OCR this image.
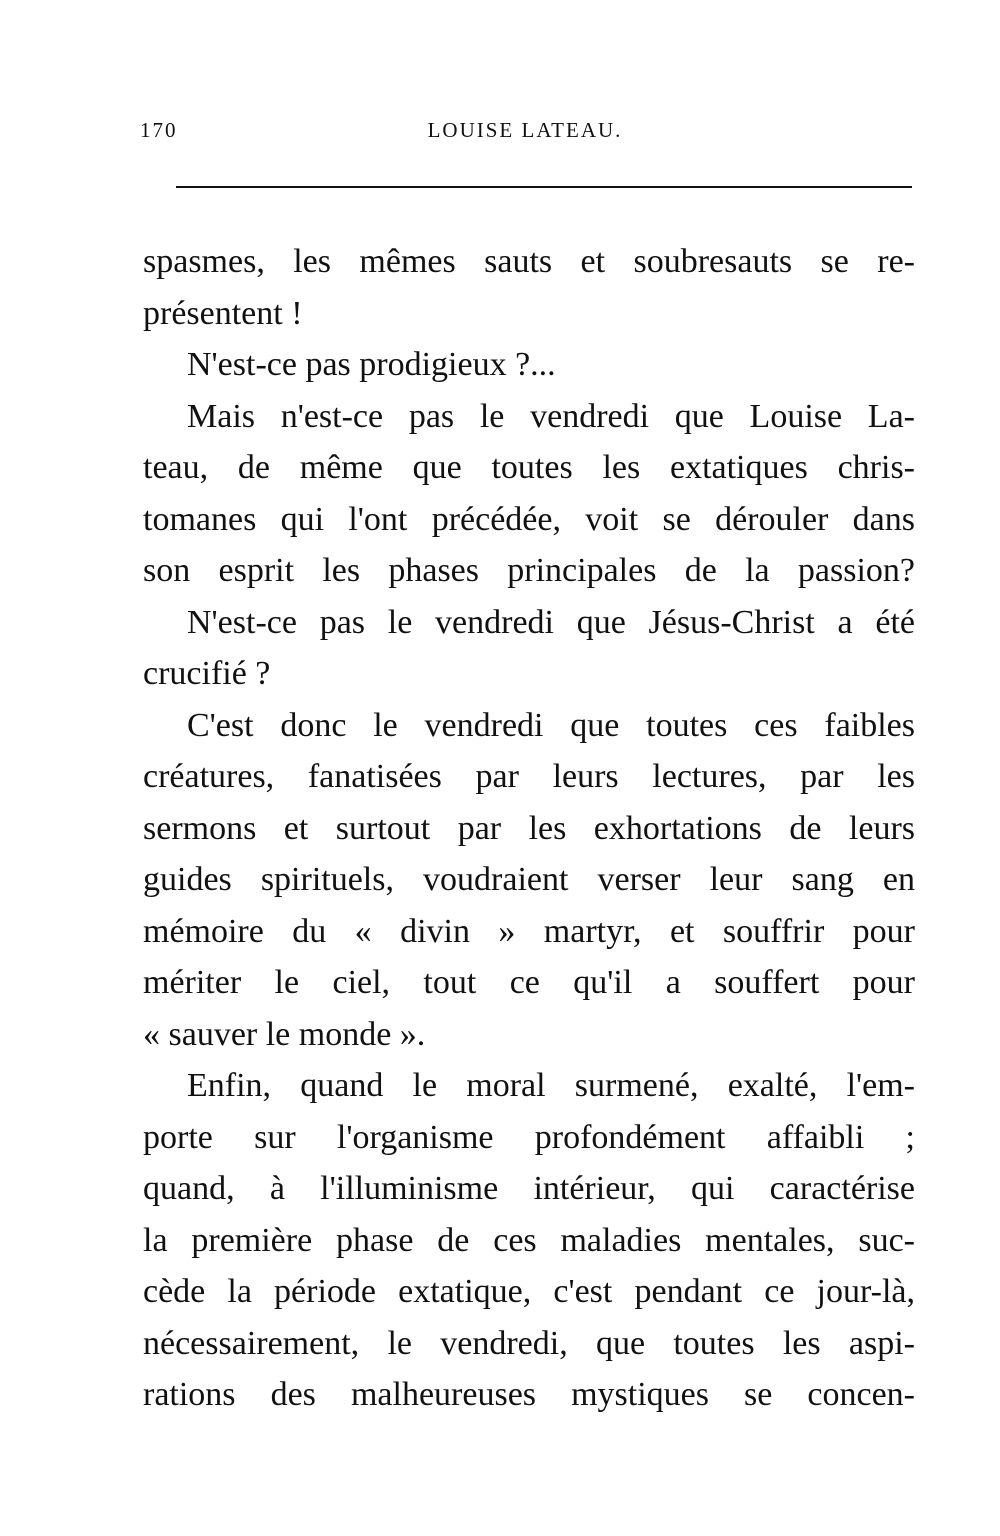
170	LOUISE LATEAU.
spasmes, les mêmes sauts et soubresauts se re-
présentent !
N'est-ce pas prodigieux ?...
Mais n'est-ce pas le vendredi que Louise La-
teau, de même que toutes les extatiques chris-
tomanes qui l'ont précédée, voit se dérouler dans
son esprit les phases principales de la passion?
N'est-ce pas le vendredi que Jésus-Christ a été
crucifié ?
C'est donc le vendredi que toutes ces faibles
créatures, fanatisées par leurs lectures, par les
sermons et surtout par les exhortations de leurs
guides spirituels, voudraient verser leur sang en
mémoire du « divin » martyr, et souffrir pour
mériter le ciel, tout ce qu'il a souffert pour
« sauver le monde ».
Enfin, quand le moral surmené, exalté, l'em-
porte sur l'organisme profondément affaibli ;
quand, à l'illuminisme intérieur, qui caractérise
la première phase de ces maladies mentales, suc-
cède la période extatique, c'est pendant ce jour-là,
nécessairement, le vendredi, que toutes les aspi-
rations des malheureuses mystiques se concen-
